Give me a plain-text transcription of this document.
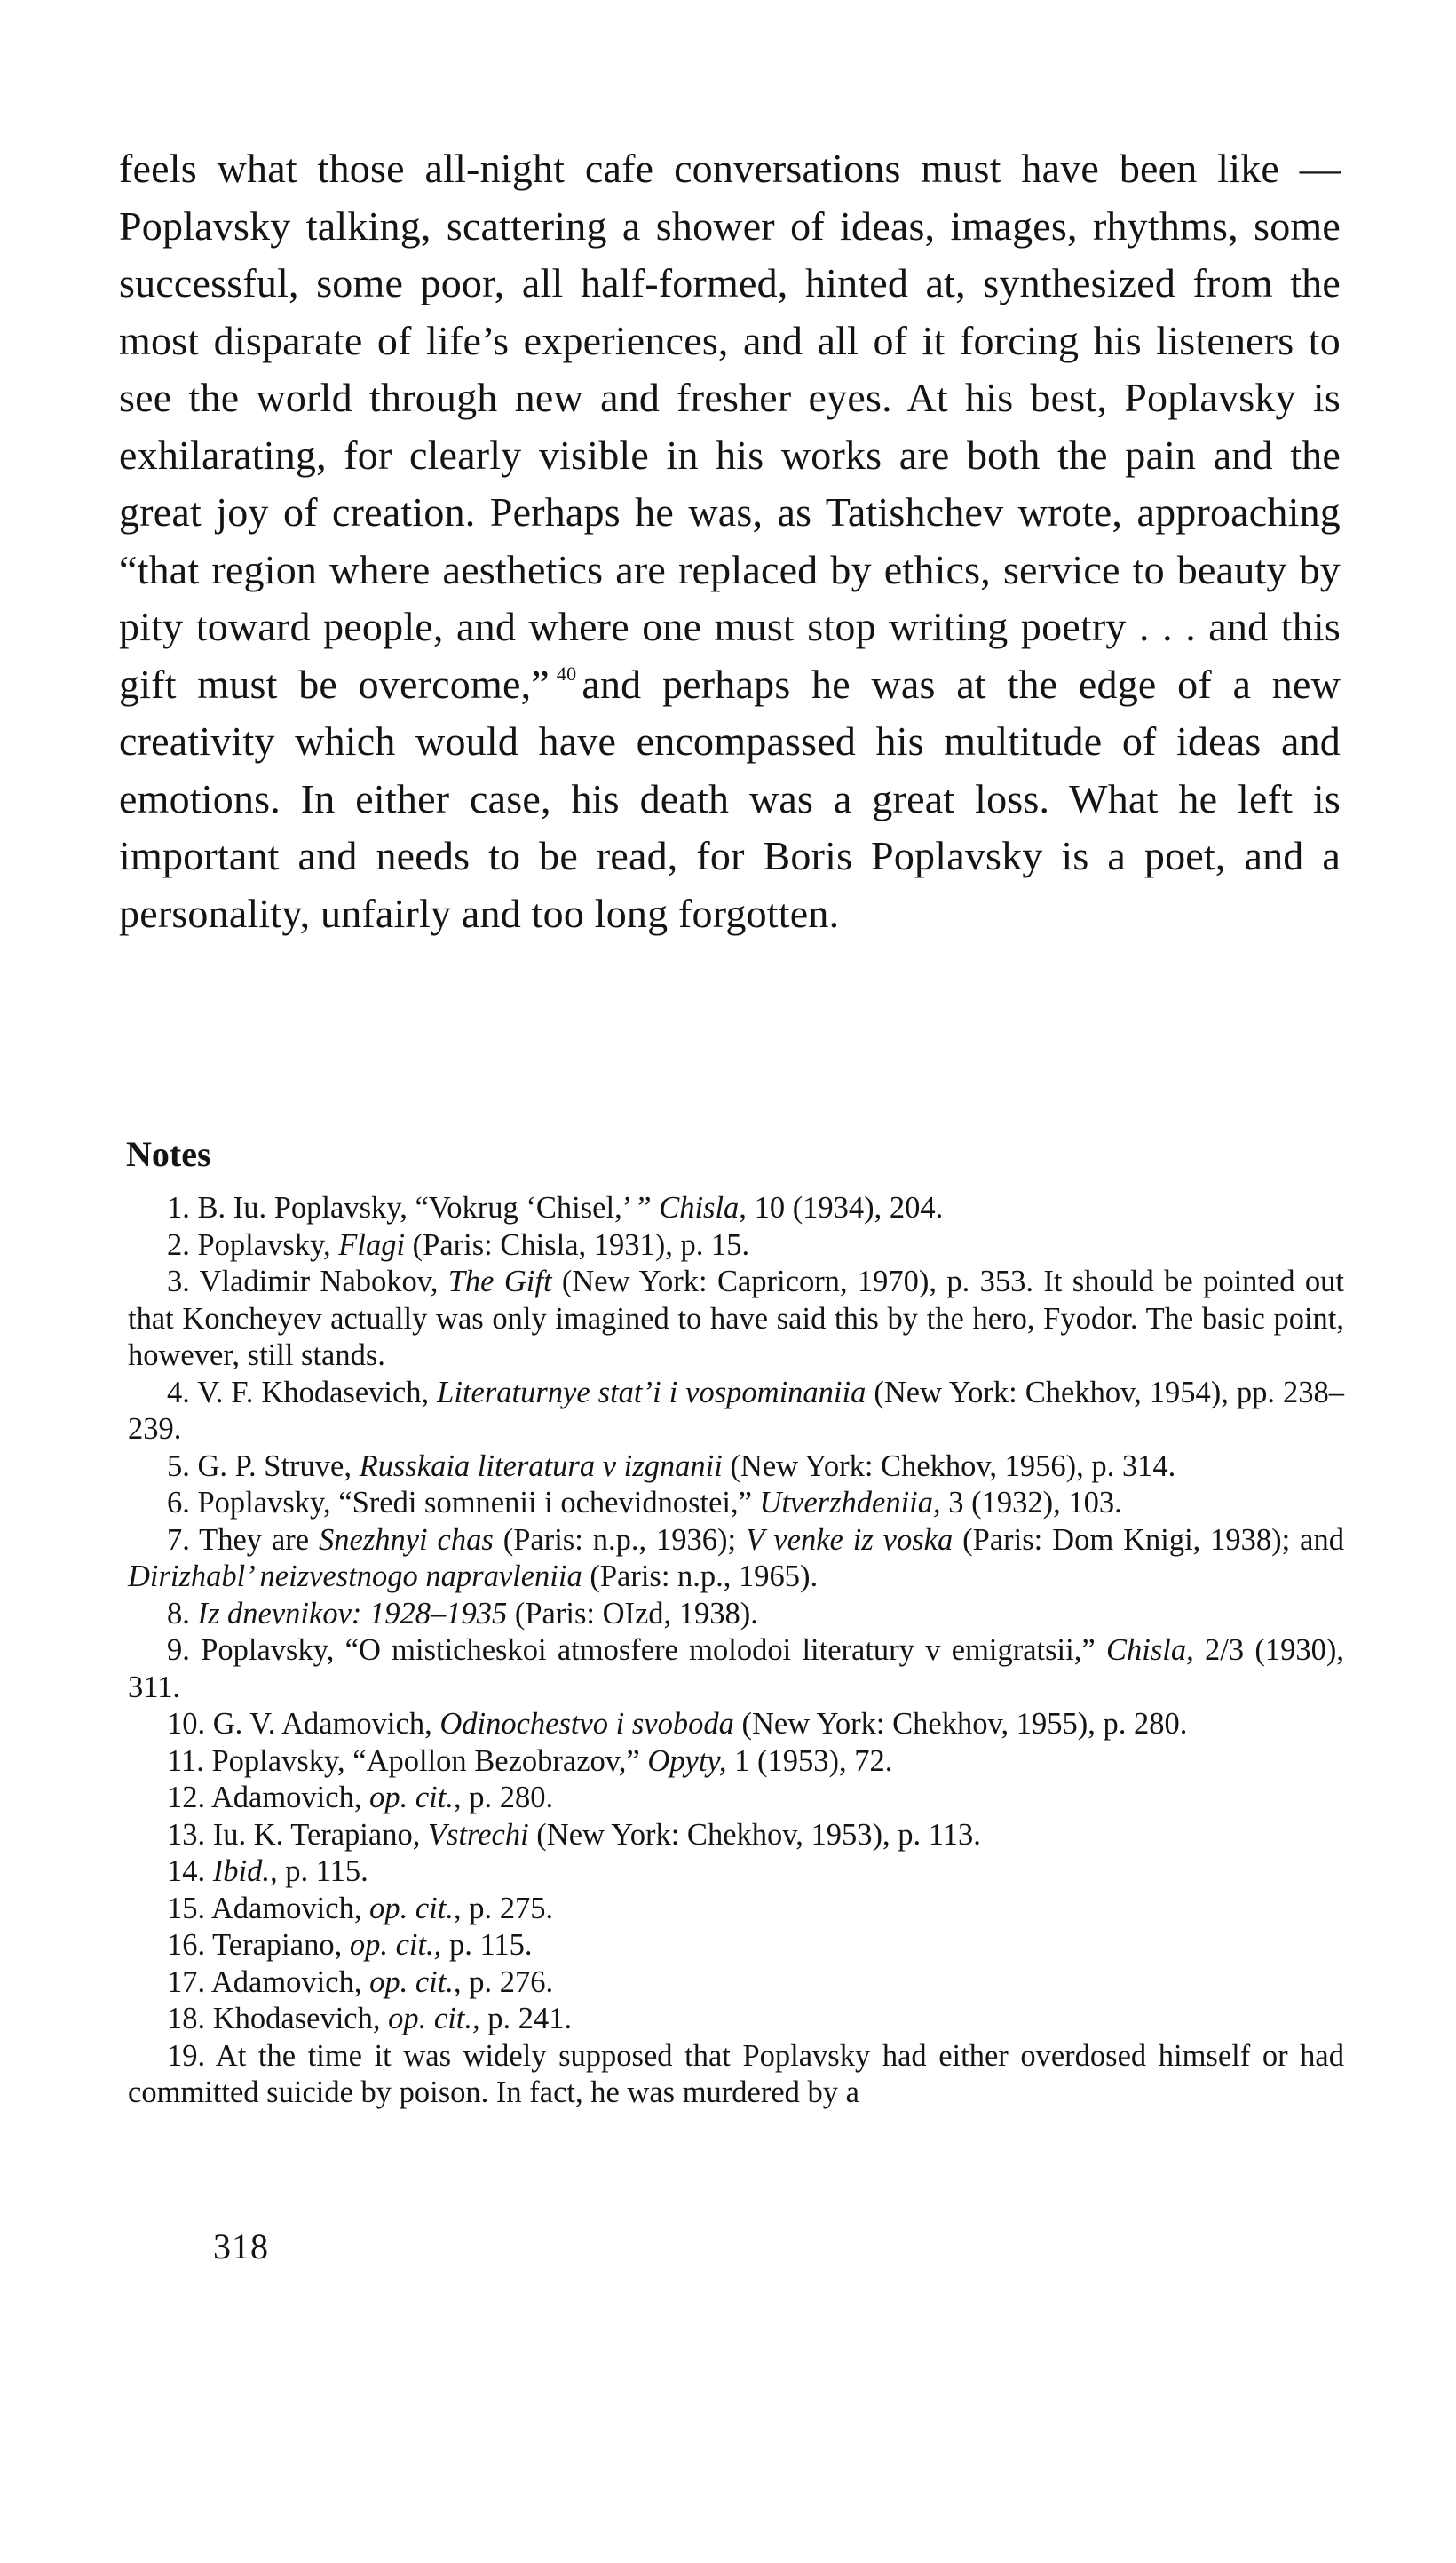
feels what those all-night cafe conversations must have been like —Poplavsky talking, scattering a shower of ideas, images, rhythms, some successful, some poor, all half-formed, hinted at, synthesized from the most disparate of life’s experiences, and all of it forcing his listeners to see the world through new and fresher eyes. At his best, Poplavsky is exhilarating, for clearly visible in his works are both the pain and the great joy of creation. Perhaps he was, as Tatishchev wrote, approaching “that region where aesthetics are replaced by ethics, service to beauty by pity toward people, and where one must stop writing poetry . . . and this gift must be overcome,” $^{40}$ and perhaps he was at the edge of a new creativity which would have encompassed his multitude of ideas and emotions. In either case, his death was a great loss. What he left is important and needs to be read, for Boris Poplavsky is a poet, and a personality, unfairly and too long forgotten.

Notes

1. B. Iu. Poplavsky, “Vokrug ‘Chisel,’ ” Chisla, 10 (1934), 204.

2. Poplavsky, Flagi (Paris: Chisla, 1931), p. 15.

3. Vladimir Nabokov, The Gift (New York: Capricorn, 1970), p. 353. It should be pointed out that Koncheyev actually was only imagined to have said this by the hero, Fyodor. The basic point, however, still stands.

4. V. F. Khodasevich, Literaturnye stat’i i vospominaniia (New York: Chekhov, 1954), pp. 238–239.

5. G. P. Struve, Russkaia literatura v izgnanii (New York: Chekhov, 1956), p. 314.

6. Poplavsky, “Sredi somnenii i ochevidnostei,” Utverzhdeniia, 3 (1932), 103.

7. They are Snezhnyi chas (Paris: n.p., 1936); V venke iz voska (Paris: Dom Knigi, 1938); and Dirizhabl’ neizvestnogo napravleniia (Paris: n.p., 1965).

8. Iz dnevnikov: 1928–1935 (Paris: OIzd, 1938).

9. Poplavsky, “O misticheskoi atmosfere molodoi literatury v emigratsii,” Chisla, 2/3 (1930), 311.

10. G. V. Adamovich, Odinochestvo i svoboda (New York: Chekhov, 1955), p. 280.

11. Poplavsky, “Apollon Bezobrazov,” Opyty, 1 (1953), 72.

12. Adamovich, op. cit., p. 280.

13. Iu. K. Terapiano, Vstrechi (New York: Chekhov, 1953), p. 113.

14. Ibid., p. 115.

15. Adamovich, op. cit., p. 275.

16. Terapiano, op. cit., p. 115.

17. Adamovich, op. cit., p. 276.

18. Khodasevich, op. cit., p. 241.

19. At the time it was widely supposed that Poplavsky had either overdosed himself or had committed suicide by poison. In fact, he was murdered by a

318
